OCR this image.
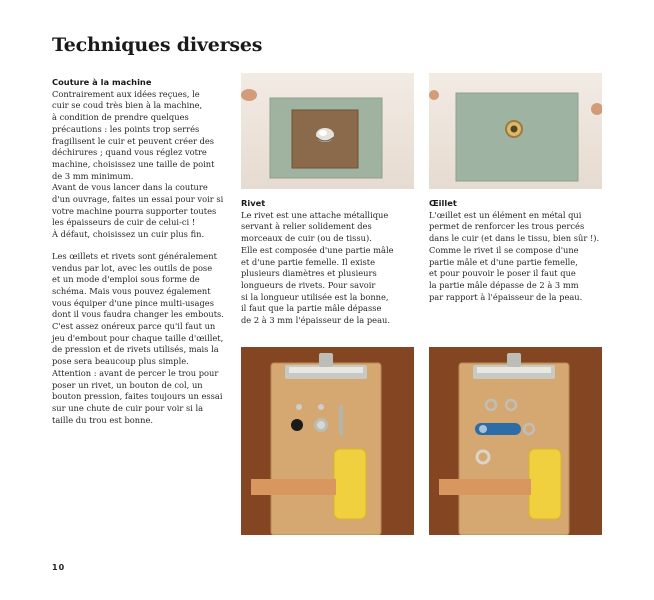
Techniques diverses

Couture à la machine

Contrairement aux idées reçues, le

cuir se coud très bien à la machine,

à condition de prendre quelques

précautions : les points trop serrés

fragilisent le cuir et peuvent créer des

déchirures ; quand vous réglez votre

machine, choisissez une taille de point

de 3 mm minimum.

Avant de vous lancer dans la couture

d'un ouvrage, faites un essai pour voir si

votre machine pourra supporter toutes

les épaisseurs de cuir de celui-ci !

À défaut, choisissez un cuir plus fin.

Les œillets et rivets sont généralement

vendus par lot, avec les outils de pose

et un mode d'emploi sous forme de

schéma. Mais vous pouvez également

vous équiper d'une pince multi-usages

dont il vous faudra changer les embouts.

C'est assez onéreux parce qu'il faut un

jeu d'embout pour chaque taille d'œillet,

de pression et de rivets utilisés, mais la

pose sera beaucoup plus simple.

Attention : avant de percer le trou pour

poser un rivet, un bouton de col, un

bouton pression, faites toujours un essai

sur une chute de cuir pour voir si la

taille du trou est bonne.

Rivet

Le rivet est une attache métallique

servant à relier solidement des

morceaux de cuir (ou de tissu).

Elle est composée d'une partie mâle

et d'une partie femelle. Il existe

plusieurs diamètres et plusieurs

longueurs de rivets. Pour savoir

si la longueur utilisée est la bonne,

il faut que la partie mâle dépasse

de 2 à 3 mm l'épaisseur de la peau.

Œillet

L'œillet est un élément en métal qui

permet de renforcer les trous percés

dans le cuir (et dans le tissu, bien sûr !).

Comme le rivet il se compose d'une

partie mâle et d'une partie femelle,

et pour pouvoir le poser il faut que

la partie mâle dépasse de 2 à 3 mm

par rapport à l'épaisseur de la peau.

10
